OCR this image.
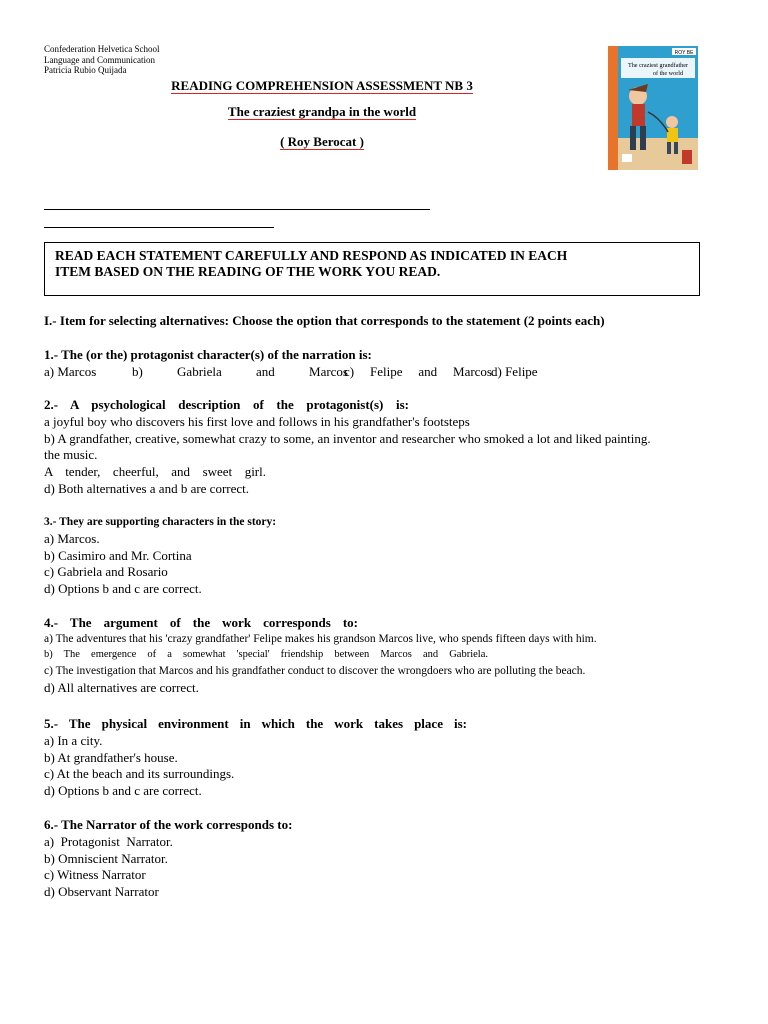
Confederation Helvetica School
Language and Communication
Patricia Rubio Quijada
READING COMPREHENSION ASSESSMENT NB 3
The craziest grandpa in the world
( Roy Berocat )
ROY BE
The craziest grandfather
of the world
READ EACH STATEMENT CAREFULLY AND RESPOND AS INDICATED IN EACH
ITEM BASED ON THE READING OF THE WORK YOU READ.
I.- Item for selecting alternatives: Choose the option that corresponds to the statement (2 points each)
1.- The (or the) protagonist character(s) of the narration is:
a) Marcos	b) Gabriela and Marcos
c) Felipe and Marcos d) Felipe
2.- A psychological description of the protagonist(s) is:
a joyful boy who discovers his first love and follows in his grandfather's footsteps
b) A grandfather, creative, somewhat crazy to some, an inventor and researcher who smoked a lot and liked painting.
the music.
A tender, cheerful, and sweet girl.
d) Both alternatives a and b are correct.
3.- They are supporting characters in the story:
a) Marcos.
b) Casimiro and Mr. Cortina
c) Gabriela and Rosario
d) Options b and c are correct.
4.- The argument of the work corresponds to:
a) The adventures that his 'crazy grandfather' Felipe makes his grandson Marcos live, who spends fifteen days with him.
b) The emergence of a somewhat 'special' friendship between Marcos and Gabriela.
c) The investigation that Marcos and his grandfather conduct to discover the wrongdoers who are polluting the beach.
d) All alternatives are correct.
5.- The physical environment in which the work takes place is:
a) In a city.
b) At grandfather's house.
c) At the beach and its surroundings.
d) Options b and c are correct.
6.- The Narrator of the work corresponds to:
a)  Protagonist  Narrator.
b) Omniscient Narrator.
c) Witness Narrator
d) Observant Narrator
